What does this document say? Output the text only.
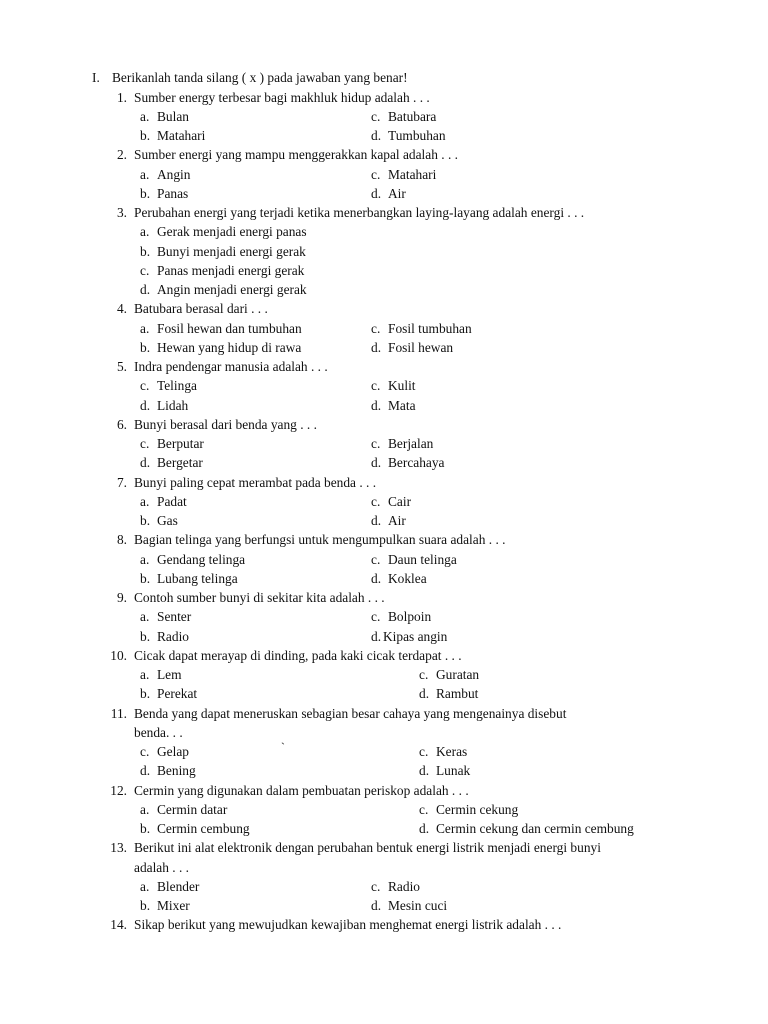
I. Berikanlah tanda silang ( x ) pada jawaban yang benar!
`
1. Sumber energy terbesar bagi makhluk hidup adalah . . .
a. Bulan	c. Batubara
b. Matahari	d. Tumbuhan
2. Sumber energi yang mampu menggerakkan kapal adalah . . .
a. Angin	c. Matahari
b. Panas	d. Air
3. Perubahan energi yang terjadi ketika menerbangkan laying-layang adalah energi . . .
a. Gerak menjadi energi panas
b. Bunyi menjadi energi gerak
c. Panas menjadi energi gerak
d. Angin menjadi energi gerak
4. Batubara berasal dari . . .
a. Fosil hewan dan tumbuhan	c. Fosil tumbuhan
b. Hewan yang hidup di rawa	d. Fosil hewan
5. Indra pendengar manusia adalah . . .
c. Telinga	c. Kulit
d. Lidah	d. Mata
6. Bunyi berasal dari benda yang . . .
c. Berputar	c. Berjalan
d. Bergetar	d. Bercahaya
7. Bunyi paling cepat merambat pada benda . . .
a. Padat	c. Cair
b. Gas	d. Air
8. Bagian telinga yang berfungsi untuk mengumpulkan suara adalah . . .
a. Gendang telinga	c. Daun telinga
b. Lubang telinga	d. Koklea
9. Contoh sumber bunyi di sekitar kita adalah . . .
a. Senter	c. Bolpoin
b. Radio	d. Kipas angin
10. Cicak dapat merayap di dinding, pada kaki cicak terdapat . . .
a. Lem	c. Guratan
b. Perekat	d. Rambut
11. Benda yang dapat meneruskan sebagian besar cahaya yang mengenainya disebut
benda. . .
c. Gelap	c. Keras
d. Bening	d. Lunak
12. Cermin yang digunakan dalam pembuatan periskop adalah . . .
a. Cermin datar	c. Cermin cekung
b. Cermin cembung	d. Cermin cekung dan cermin cembung
13. Berikut ini alat elektronik dengan perubahan bentuk energi listrik menjadi energi bunyi
adalah . . .
a. Blender	c. Radio
b. Mixer	d. Mesin cuci
14. Sikap berikut yang mewujudkan kewajiban menghemat energi listrik adalah . . .
